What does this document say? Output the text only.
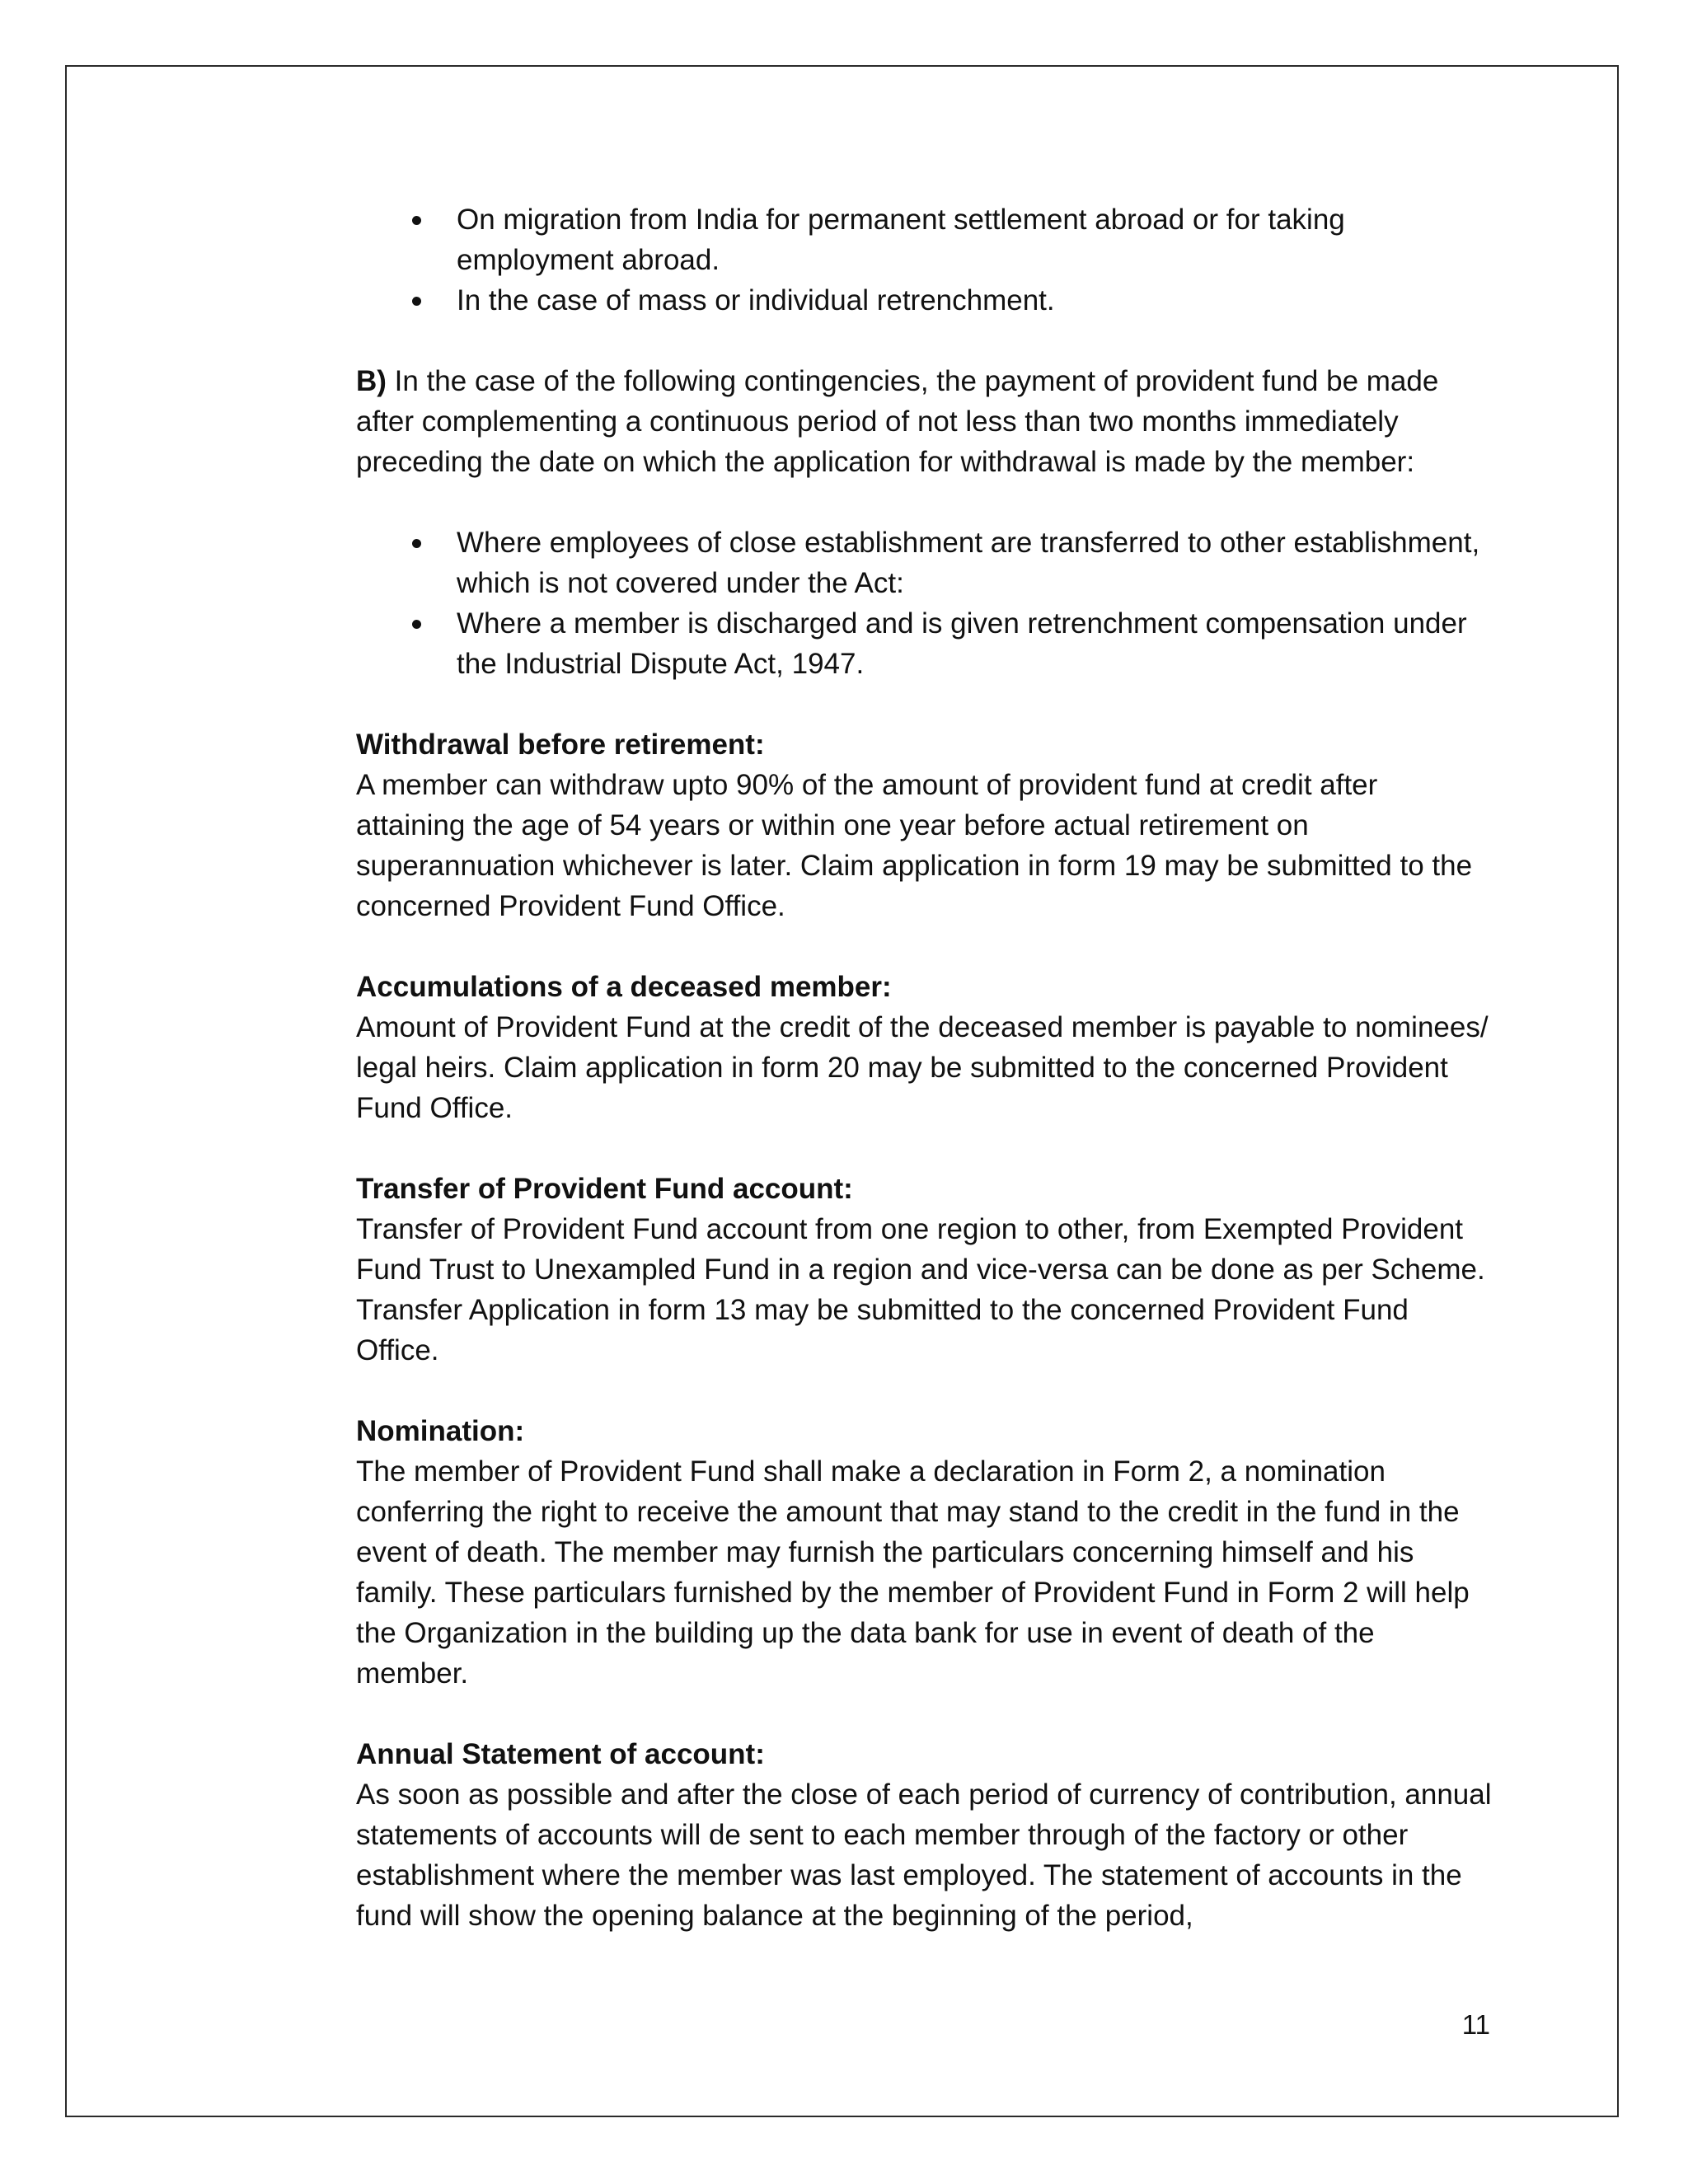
On migration from India for permanent settlement abroad or for taking employment abroad.
In the case of mass or individual retrenchment.

B) In the case of the following contingencies, the payment of provident fund be made after complementing a continuous period of not less than two months immediately preceding the date on which the application for withdrawal is made by the member:

Where employees of close establishment are transferred to other establishment, which is not covered under the Act:
Where a member is discharged and is given retrenchment compensation under the Industrial Dispute Act, 1947.

Withdrawal before retirement:

A member can withdraw upto 90% of the amount of provident fund at credit after attaining the age of 54 years or within one year before actual retirement on superannuation whichever is later. Claim application in form 19 may be submitted to the concerned Provident Fund Office.

Accumulations of a deceased member:

Amount of Provident Fund at the credit of the deceased member is payable to nominees/ legal heirs. Claim application in form 20 may be submitted to the concerned Provident Fund Office.

Transfer of Provident Fund account:

Transfer of Provident Fund account from one region to other, from Exempted Provident Fund Trust to Unexampled Fund in a region and vice-versa can be done as per Scheme. Transfer Application in form 13 may be submitted to the concerned Provident Fund Office.

Nomination:

The member of Provident Fund shall make a declaration in Form 2, a nomination conferring the right to receive the amount that may stand to the credit in the fund in the event of death. The member may furnish the particulars concerning himself and his family. These particulars furnished by the member of Provident Fund in Form 2 will help the Organization in the building up the data bank for use in event of death of the member.

Annual Statement of account:

As soon as possible and after the close of each period of currency of contribution, annual statements of accounts will de sent to each member through of the factory or other establishment where the member was last employed. The statement of accounts in the fund will show the opening balance at the beginning of the period,

11
